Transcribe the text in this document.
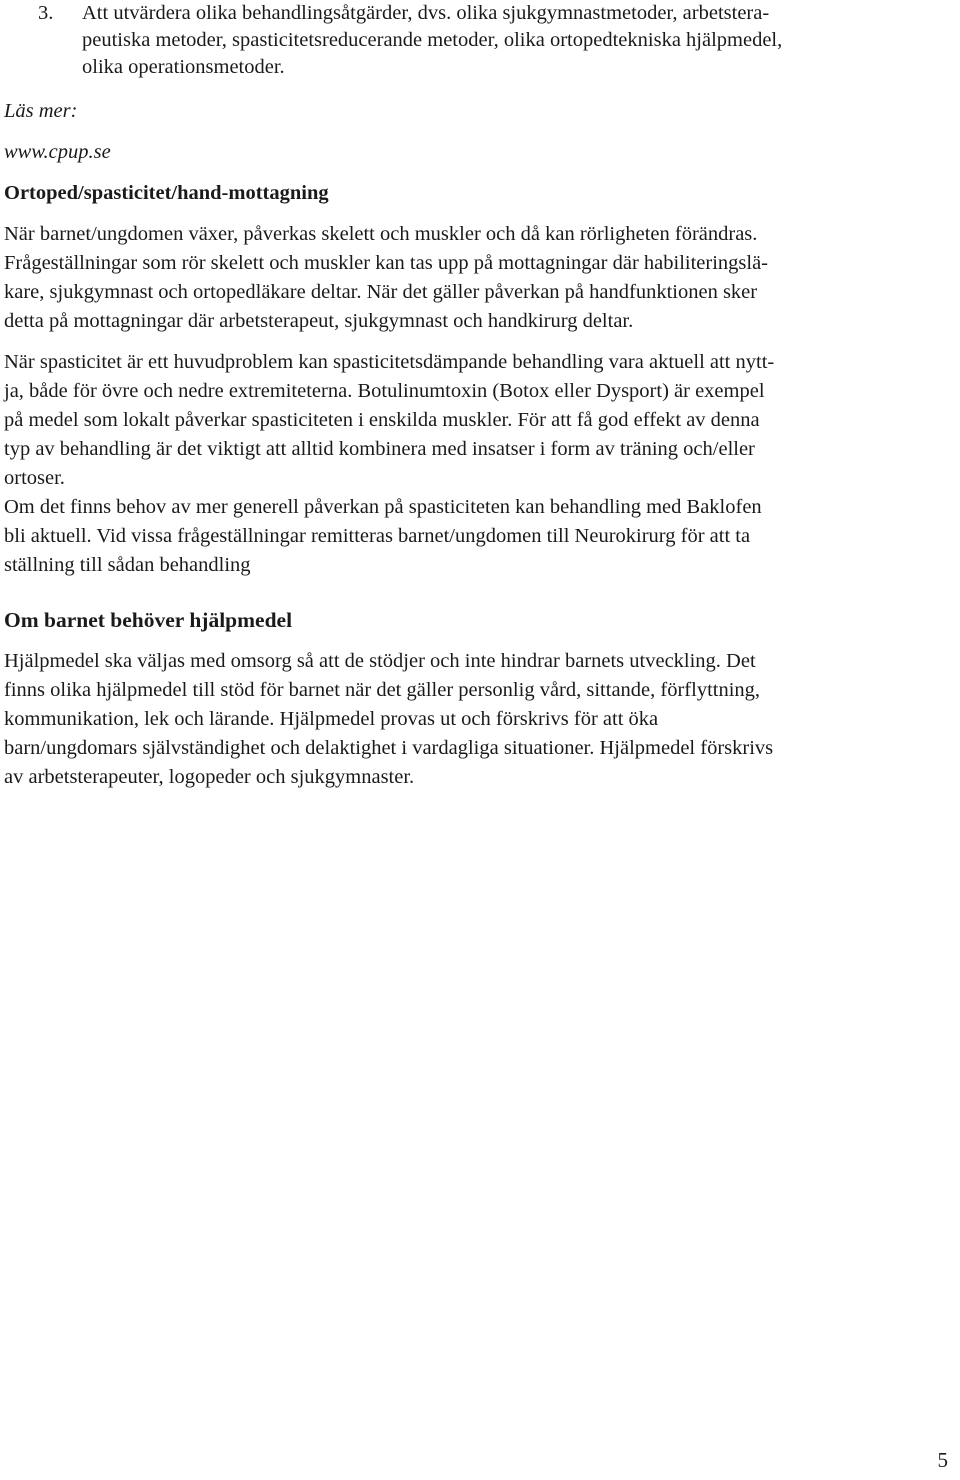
3. Att utvärdera olika behandlingsåtgärder, dvs. olika sjukgymnastmetoder, arbetstera-
peutiska metoder, spasticitetsreducerande metoder, olika ortopedtekniska hjälpmedel,
olika operationsmetoder.
Läs mer:
www.cpup.se
Ortoped/spasticitet/hand-mottagning
När barnet/ungdomen växer, påverkas skelett och muskler och då kan rörligheten förändras.
Frågeställningar som rör skelett och muskler kan tas upp på mottagningar där habiliteringslä-
kare, sjukgymnast och ortopedläkare deltar. När det gäller påverkan på handfunktionen sker
detta på mottagningar där arbetsterapeut, sjukgymnast och handkirurg deltar.
När spasticitet är ett huvudproblem kan spasticitetsdämpande behandling vara aktuell att nytt-
ja, både för övre och nedre extremiteterna. Botulinumtoxin (Botox eller Dysport) är exempel
på medel som lokalt påverkar spasticiteten i enskilda muskler. För att få god effekt av denna
typ av behandling är det viktigt att alltid kombinera med insatser i form av träning och/eller
ortoser.
Om det finns behov av mer generell påverkan på spasticiteten kan behandling med Baklofen
bli aktuell. Vid vissa frågeställningar remitteras barnet/ungdomen till Neurokirurg för att ta
ställning till sådan behandling
Om barnet behöver hjälpmedel
Hjälpmedel ska väljas med omsorg så att de stödjer och inte hindrar barnets utveckling. Det
finns olika hjälpmedel till stöd för barnet när det gäller personlig vård, sittande, förflyttning,
kommunikation, lek och lärande. Hjälpmedel provas ut och förskrivs för att öka
barn/ungdomars självständighet och delaktighet i vardagliga situationer. Hjälpmedel förskrivs
av arbetsterapeuter, logopeder och sjukgymnaster.
5
